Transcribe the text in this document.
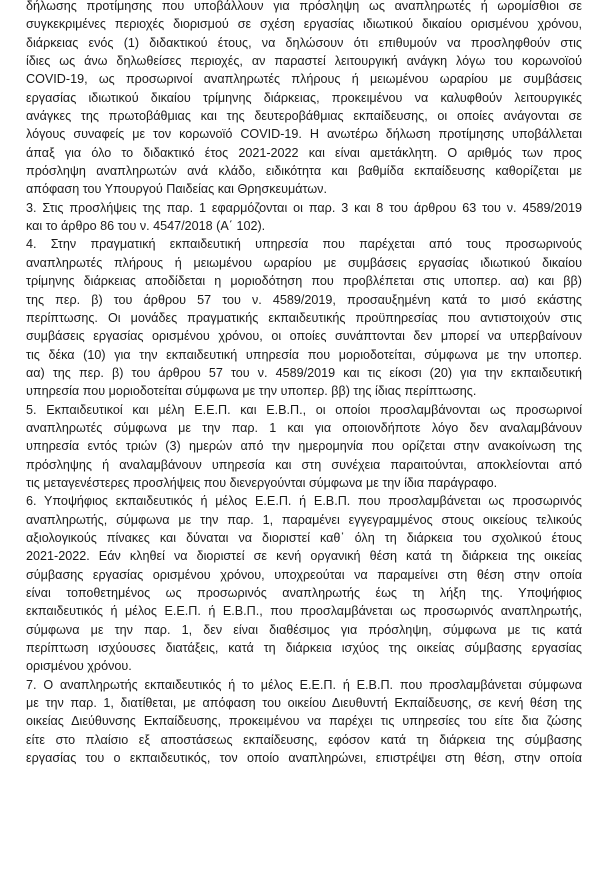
δήλωσης προτίμησης που υποβάλλουν για πρόσληψη ως αναπληρωτές ή ωρομίσθιοι σε
συγκεκριμένες περιοχές διορισμού σε σχέση εργασίας ιδιωτικού δικαίου ορισμένου χρόνου,
διάρκειας ενός (1) διδακτικού έτους, να δηλώσουν ότι επιθυμούν να προσληφθούν στις
ίδιες ως άνω δηλωθείσες περιοχές, αν παραστεί λειτουργική ανάγκη λόγω του κορωνοϊού
COVID-19, ως προσωρινοί αναπληρωτές πλήρους ή μειωμένου ωραρίου με συμβάσεις
εργασίας ιδιωτικού δικαίου τρίμηνης διάρκειας, προκειμένου να καλυφθούν λειτουργικές
ανάγκες της πρωτοβάθμιας και της δευτεροβάθμιας εκπαίδευσης, οι οποίες ανάγονται σε
λόγους συναφείς με τον κορωνοϊό COVID-19. Η ανωτέρω δήλωση προτίμησης υποβάλλεται
άπαξ για όλο το διδακτικό έτος 2021-2022 και είναι αμετάκλητη. Ο αριθμός των προς
πρόσληψη αναπληρωτών ανά κλάδο, ειδικότητα και βαθμίδα εκπαίδευσης καθορίζεται με
απόφαση του Υπουργού Παιδείας και Θρησκευμάτων.
3. Στις προσλήψεις της παρ. 1 εφαρμόζονται οι παρ. 3 και 8 του άρθρου 63 του ν. 4589/2019
και το άρθρο 86 του ν. 4547/2018 (Α΄ 102).
4. Στην πραγματική εκπαιδευτική υπηρεσία που παρέχεται από τους προσωρινούς
αναπληρωτές πλήρους ή μειωμένου ωραρίου με συμβάσεις εργασίας ιδιωτικού δικαίου
τρίμηνης διάρκειας αποδίδεται η μοριοδότηση που προβλέπεται στις υποπερ. αα) και ββ)
της περ. β) του άρθρου 57 του ν. 4589/2019, προσαυξημένη κατά το μισό εκάστης
περίπτωσης. Οι μονάδες πραγματικής εκπαιδευτικής προϋπηρεσίας που αντιστοιχούν στις
συμβάσεις εργασίας ορισμένου χρόνου, οι οποίες συνάπτονται δεν μπορεί να υπερβαίνουν
τις δέκα (10) για την εκπαιδευτική υπηρεσία που μοριοδοτείται, σύμφωνα με την υποπερ.
αα) της περ. β) του άρθρου 57 του ν. 4589/2019 και τις είκοσι (20) για την εκπαιδευτική
υπηρεσία που μοριοδοτείται σύμφωνα με την υποπερ. ββ) της ίδιας περίπτωσης.
5. Εκπαιδευτικοί και μέλη Ε.Ε.Π. και Ε.Β.Π., οι οποίοι προσλαμβάνονται ως προσωρινοί
αναπληρωτές σύμφωνα με την παρ. 1 και για οποιονδήποτε λόγο δεν αναλαμβάνουν
υπηρεσία εντός τριών (3) ημερών από την ημερομηνία που ορίζεται στην ανακοίνωση της
πρόσληψης ή αναλαμβάνουν υπηρεσία και στη συνέχεια παραιτούνται, αποκλείονται από
τις μεταγενέστερες προσλήψεις που διενεργούνται σύμφωνα με την ίδια παράγραφο.
6. Υποψήφιος εκπαιδευτικός ή μέλος Ε.Ε.Π. ή Ε.Β.Π. που προσλαμβάνεται ως προσωρινός
αναπληρωτής, σύμφωνα με την παρ. 1, παραμένει εγγεγραμμένος στους οικείους τελικούς
αξιολογικούς πίνακες και δύναται να διοριστεί καθ᾽ όλη τη διάρκεια του σχολικού έτους
2021-2022. Εάν κληθεί να διοριστεί σε κενή οργανική θέση κατά τη διάρκεια της οικείας
σύμβασης εργασίας ορισμένου χρόνου, υποχρεούται να παραμείνει στη θέση στην οποία
είναι τοποθετημένος ως προσωρινός αναπληρωτής έως τη λήξη της. Υποψήφιος
εκπαιδευτικός ή μέλος Ε.Ε.Π. ή Ε.Β.Π., που προσλαμβάνεται ως προσωρινός αναπληρωτής,
σύμφωνα με την παρ. 1, δεν είναι διαθέσιμος για πρόσληψη, σύμφωνα με τις κατά
περίπτωση ισχύουσες διατάξεις, κατά τη διάρκεια ισχύος της οικείας σύμβασης εργασίας
ορισμένου χρόνου.
7. Ο αναπληρωτής εκπαιδευτικός ή το μέλος Ε.Ε.Π. ή Ε.Β.Π. που προσλαμβάνεται σύμφωνα
με την παρ. 1, διατίθεται, με απόφαση του οικείου Διευθυντή Εκπαίδευσης, σε κενή θέση της
οικείας Διεύθυνσης Εκπαίδευσης, προκειμένου να παρέχει τις υπηρεσίες του είτε δια ζώσης
είτε στο πλαίσιο εξ αποστάσεως εκπαίδευσης, εφόσον κατά τη διάρκεια της σύμβασης
εργασίας του ο εκπαιδευτικός, τον οποίο αναπληρώνει, επιστρέψει στη θέση, στην οποία
